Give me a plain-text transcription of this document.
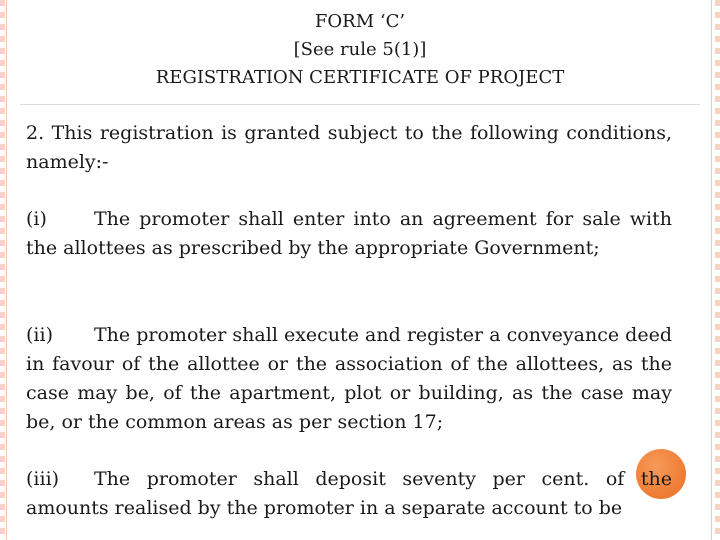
FORM ‘C’
[See rule 5(1)]
REGISTRATION CERTIFICATE OF PROJECT
2. This registration is granted subject to the following conditions, namely:-
(i) The promoter shall enter into an agreement for sale with the allottees as prescribed by the appropriate Government;
(ii) The promoter shall execute and register a conveyance deed in favour of the allottee or the association of the allottees, as the case may be, of the apartment, plot or building, as the case may be, or the common areas as per section 17;
(iii) The promoter shall deposit seventy per cent. of the amounts realised by the promoter in a separate account to be
